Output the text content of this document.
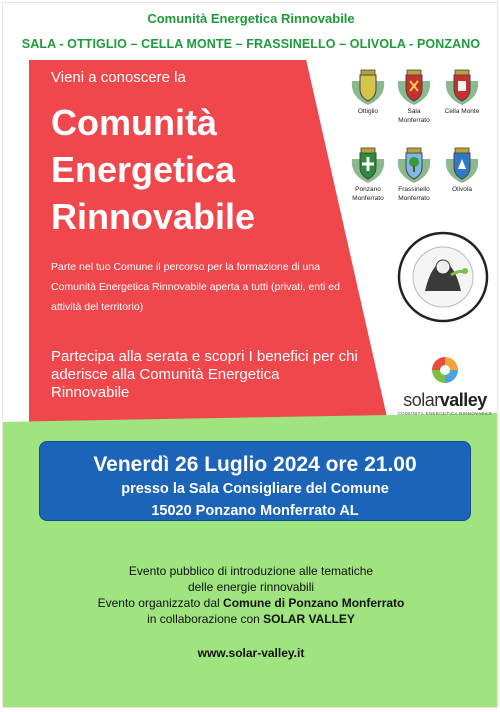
Comunità Energetica Rinnovabile
SALA - OTTIGLIO – CELLA MONTE – FRASSINELLO – OLIVOLA - PONZANO
Vieni a conoscere la
Comunità
Energetica
Rinnovabile
Parte nel tuo Comune il percorso per la formazione di una Comunità Energetica Rinnovabile aperta a tutti (privati, enti ed attività del territorio)
Partecipa alla serata e scopri I benefici per chi aderisce alla Comunità Energetica Rinnovabile
Ottiglio	Sala Monferrato
Cella Monte
Ponzano Monferrato
Frassinello Monferrato
Olivola
solarvalley
COMUNITÀ ENERGETICA RINNOVABILE
Venerdì 26 Luglio 2024 ore 21.00
presso la Sala Consigliare del Comune
15020 Ponzano Monferrato AL
Evento pubblico di introduzione alle tematiche
delle energie rinnovabili
Evento organizzato dal Comune di Ponzano Monferrato
in collaborazione con SOLAR VALLEY
www.solar-valley.it
